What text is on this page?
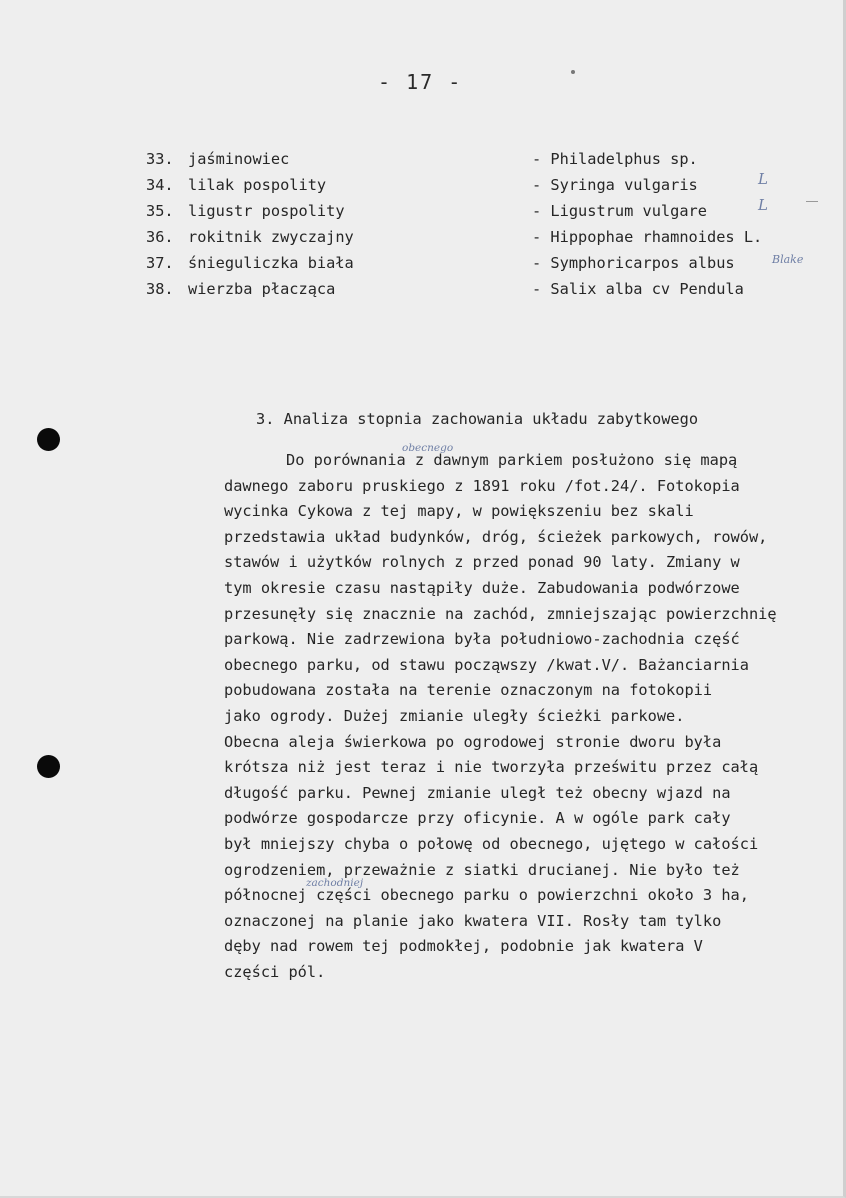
- 17 -
33. jaśminowiec	- Philadelphus sp.
34. lilak pospolity	- Syringa vulgaris	L
35. ligustr pospolity	- Ligustrum vulgare	L
36. rokitnik zwyczajny	- Hippophae rhamnoides L.
37. śnieguliczka biała	- Symphoricarpos albus	Blake
38. wierzba płacząca	- Salix alba cv Pendula
3. Analiza stopnia zachowania układu zabytkowego
Do porównania z dawnym parkiem posłużono się mapą
obecnego
dawnego zaboru pruskiego z 1891 roku /fot.24/. Fotokopia
wycinka Cykowa z tej mapy, w powiększeniu bez skali
przedstawia układ budynków, dróg, ścieżek parkowych, rowów,
stawów i użytków rolnych z przed ponad 90 laty. Zmiany w
tym okresie czasu nastąpiły duże. Zabudowania podwórzowe
przesunęły się znacznie na zachód, zmniejszając powierzchnię
parkową. Nie zadrzewiona była południowo-zachodnia część
obecnego parku, od stawu począwszy /kwat.V/. Bażanciarnia
pobudowana została na terenie oznaczonym na fotokopii
jako ogrody. Dużej zmianie uległy ścieżki parkowe.
Obecna aleja świerkowa po ogrodowej stronie dworu była
krótsza niż jest teraz i nie tworzyła prześwitu przez całą
długość parku. Pewnej zmianie uległ też obecny wjazd na
podwórze gospodarcze przy oficynie. A w ogóle park cały
był mniejszy chyba o połowę od obecnego, ujętego w całości
ogrodzeniem, przeważnie z siatki drucianej. Nie było też
północnej części obecnego parku o powierzchni około 3 ha,
zachodniej
oznaczonej na planie jako kwatera VII. Rosły tam tylko
dęby nad rowem tej podmokłej, podobnie jak kwatera V
części pól.
